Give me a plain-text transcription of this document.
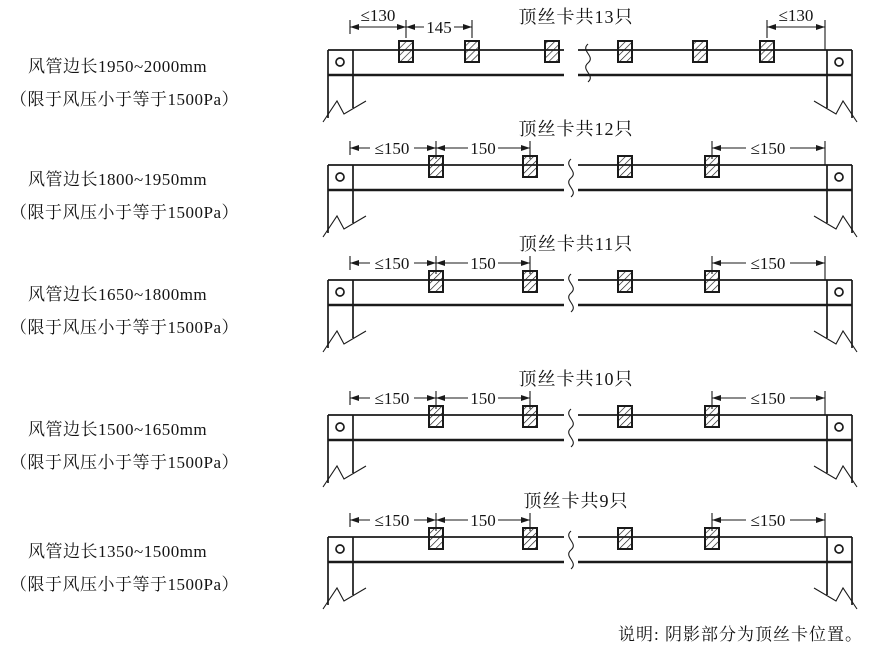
风管边长1950~2000mm
（限于风压小于等于1500Pa）
顶丝卡共13只
≤130
145
≤130
风管边长1800~1950mm
（限于风压小于等于1500Pa）
顶丝卡共12只
≤150	150	≤150
风管边长1650~1800mm
（限于风压小于等于1500Pa）
顶丝卡共11只
≤150	150	≤150
风管边长1500~1650mm
（限于风压小于等于1500Pa）
顶丝卡共10只
≤150	150	≤150
风管边长1350~1500mm
（限于风压小于等于1500Pa）
顶丝卡共9只
≤150	150	≤150
说明: 阴影部分为顶丝卡位置。
